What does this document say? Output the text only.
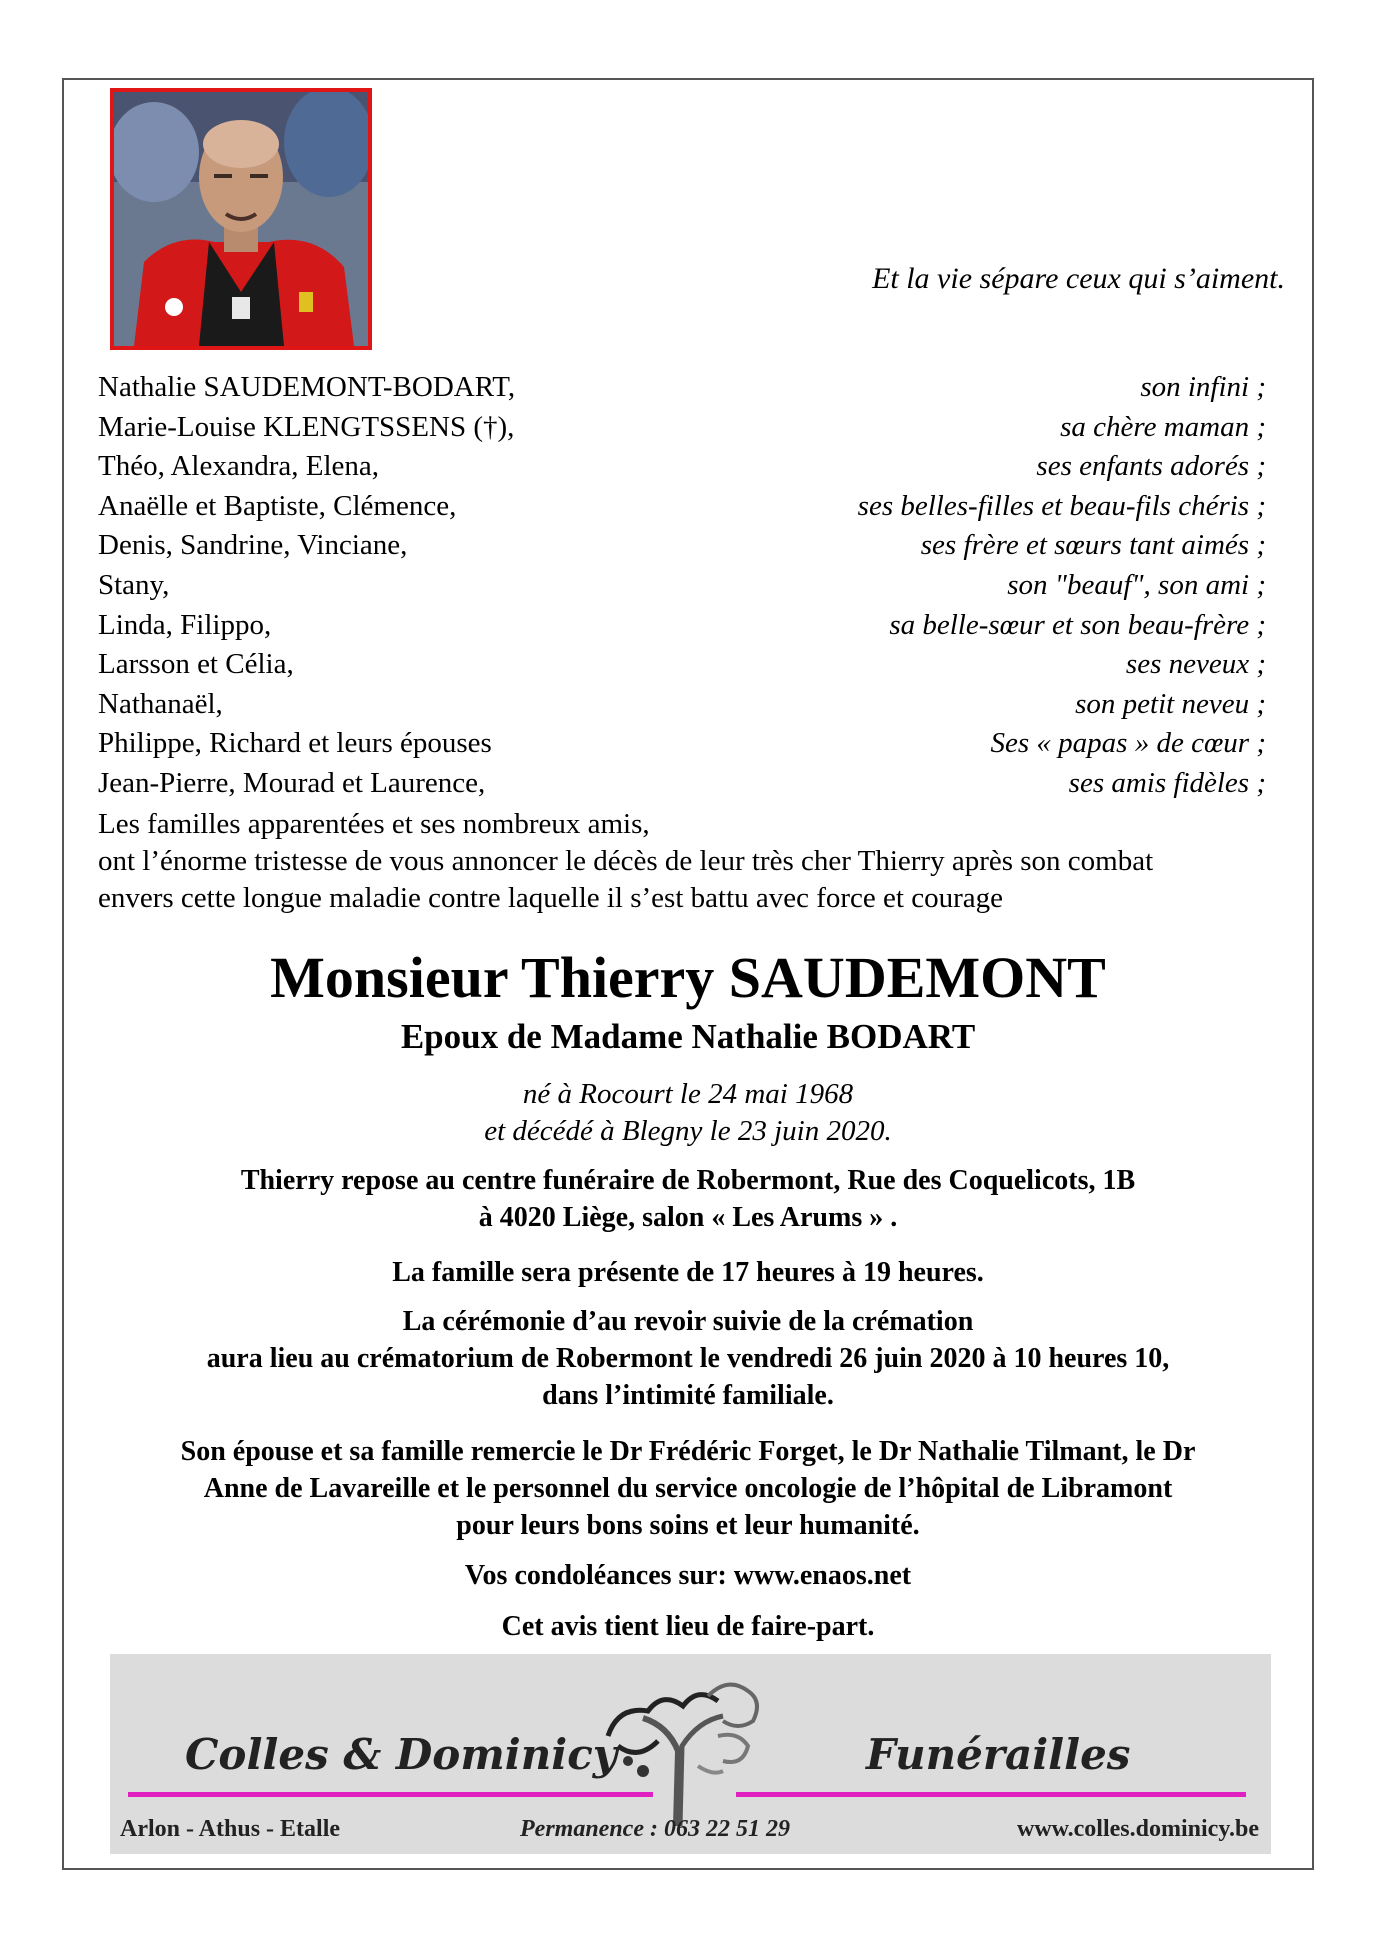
Et la vie sépare ceux qui s’aiment.
Nathalie SAUDEMONT-BODART,	son infini ;
Marie-Louise KLENGTSSENS (†),	sa chère maman ;
Théo, Alexandra, Elena,	ses enfants adorés ;
Anaëlle et Baptiste, Clémence,	ses belles-filles et beau-fils chéris ;
Denis, Sandrine, Vinciane,	ses frère et sœurs tant aimés ;
Stany,	son "beauf", son ami ;
Linda, Filippo,	sa belle-sœur et son beau-frère ;
Larsson et Célia,	ses neveux ;
Nathanaël,	son petit neveu ;
Philippe, Richard et leurs épouses	Ses « papas » de cœur ;
Jean-Pierre, Mourad et Laurence,	ses amis fidèles ;
Les familles apparentées et ses nombreux amis,
ont l’énorme tristesse de vous annoncer le décès de leur très cher Thierry après son combat
envers cette longue maladie contre laquelle il s’est battu avec force et courage
Monsieur Thierry SAUDEMONT
Epoux de Madame Nathalie BODART
né à Rocourt le 24 mai 1968
et décédé à Blegny le 23 juin 2020.
Thierry repose au centre funéraire de Robermont, Rue des Coquelicots, 1B
à 4020 Liège, salon « Les Arums » .
La famille sera présente de 17 heures à 19 heures.
La cérémonie d’au revoir suivie de la crémation
aura lieu au crématorium de Robermont le vendredi 26 juin 2020 à 10 heures 10,
dans l’intimité familiale.
Son épouse et sa famille remercie le Dr Frédéric Forget, le Dr Nathalie Tilmant, le Dr
Anne de Lavareille et le personnel du service oncologie de l’hôpital de Libramont
pour leurs bons soins et leur humanité.
Vos condoléances sur: www.enaos.net
Cet avis tient lieu de faire-part.
Colles & Dominicy	Funérailles
Arlon - Athus - Etalle	Permanence : 063 22 51 29	www.colles.dominicy.be
